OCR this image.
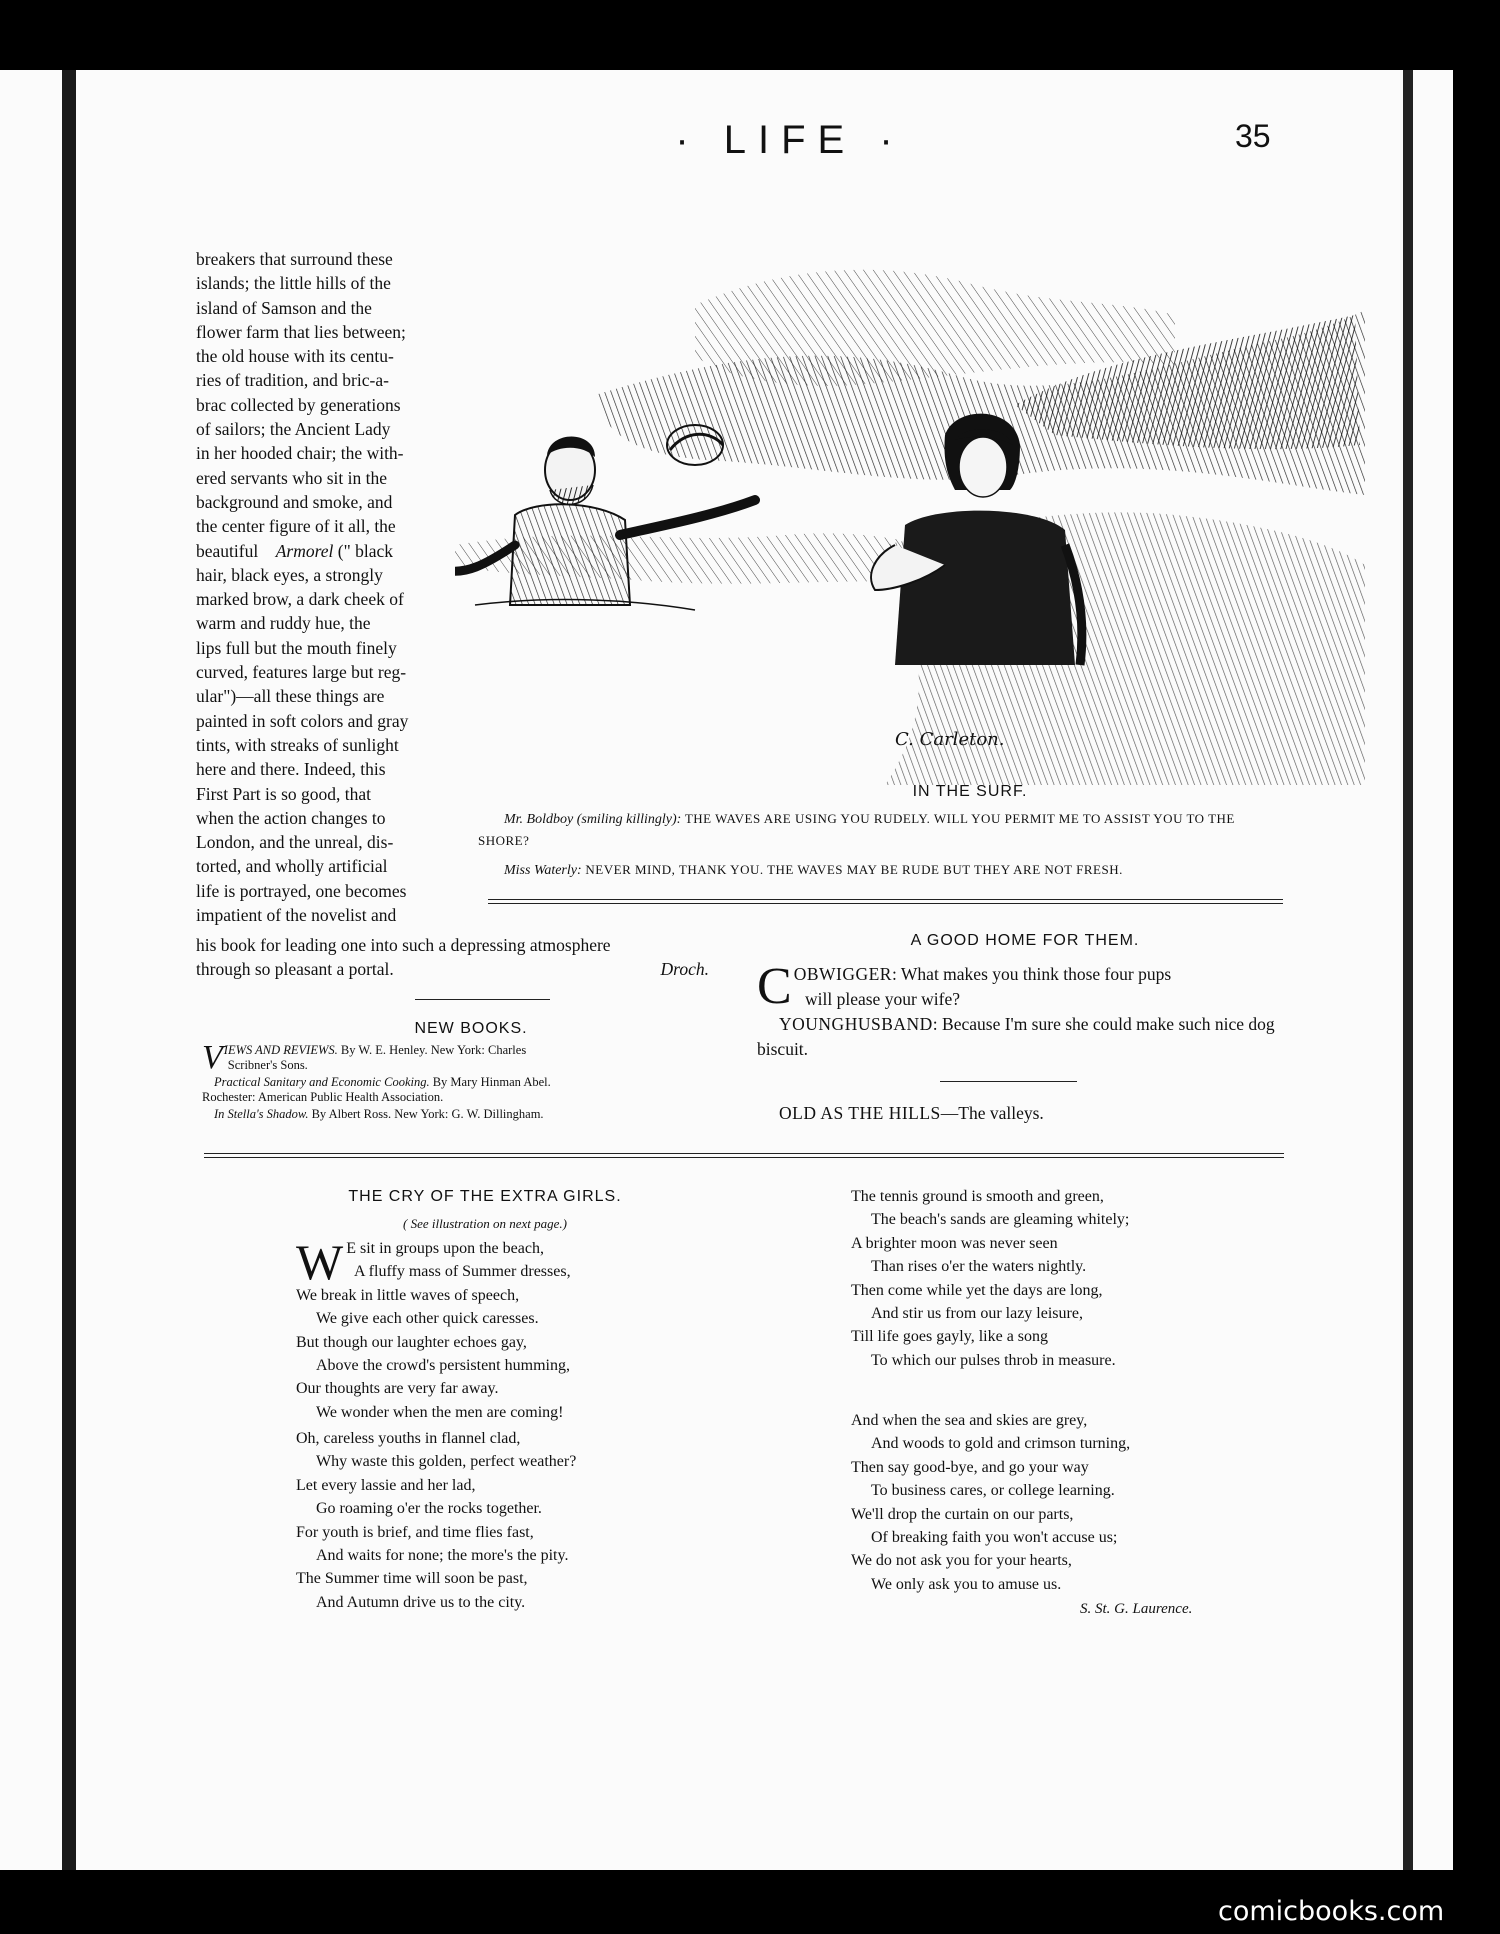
· LIFE ·	35
breakers that surround these
islands; the little hills of the
island of Samson and the
flower farm that lies between;
the old house with its centu-
ries of tradition, and bric-a-
brac collected by generations
of sailors; the Ancient Lady
in her hooded chair; the with-
ered servants who sit in the
background and smoke, and
the center figure of it all, the
beautiful Armorel (" black
hair, black eyes, a strongly
marked brow, a dark cheek of
warm and ruddy hue, the
lips full but the mouth finely
curved, features large but reg-
ular")—all these things are
painted in soft colors and gray
tints, with streaks of sunlight
here and there. Indeed, this
First Part is so good, that
when the action changes to
London, and the unreal, dis-
torted, and wholly artificial
life is portrayed, one becomes
impatient of the novelist and
his book for leading one into such a depressing atmosphere
through so pleasant a portal.	Droch.
C. Carleton.
IN THE SURF.
Mr. Boldboy (smiling killingly): THE WAVES ARE USING YOU RUDELY. WILL YOU PERMIT ME TO ASSIST YOU TO THE SHORE?
Miss Waterly: NEVER MIND, THANK YOU. THE WAVES MAY BE RUDE BUT THEY ARE NOT FRESH.
A GOOD HOME FOR THEM.
COBWIGGER: What makes you think those four pups
will please your wife?
YOUNGHUSBAND: Because I'm sure she could make such nice dog biscuit.
OLD AS THE HILLS—The valleys.
NEW BOOKS.
VIEWS AND REVIEWS. By W. E. Henley. New York: Charles
Scribner's Sons.
Practical Sanitary and Economic Cooking. By Mary Hinman Abel.
Rochester: American Public Health Association.
In Stella's Shadow. By Albert Ross. New York: G. W. Dillingham.
THE CRY OF THE EXTRA GIRLS.
( See illustration on next page.)
W E sit in groups upon the beach,
A fluffy mass of Summer dresses,
We break in little waves of speech,
We give each other quick caresses.
But though our laughter echoes gay,
Above the crowd's persistent humming,
Our thoughts are very far away.
We wonder when the men are coming!
Oh, careless youths in flannel clad,
Why waste this golden, perfect weather?
Let every lassie and her lad,
Go roaming o'er the rocks together.
For youth is brief, and time flies fast,
And waits for none; the more's the pity.
The Summer time will soon be past,
And Autumn drive us to the city.
The tennis ground is smooth and green,
The beach's sands are gleaming whitely;
A brighter moon was never seen
Than rises o'er the waters nightly.
Then come while yet the days are long,
And stir us from our lazy leisure,
Till life goes gayly, like a song
To which our pulses throb in measure.
And when the sea and skies are grey,
And woods to gold and crimson turning,
Then say good-bye, and go your way
To business cares, or college learning.
We'll drop the curtain on our parts,
Of breaking faith you won't accuse us;
We do not ask you for your hearts,
We only ask you to amuse us.
S. St. G. Laurence.
comicbooks.com
